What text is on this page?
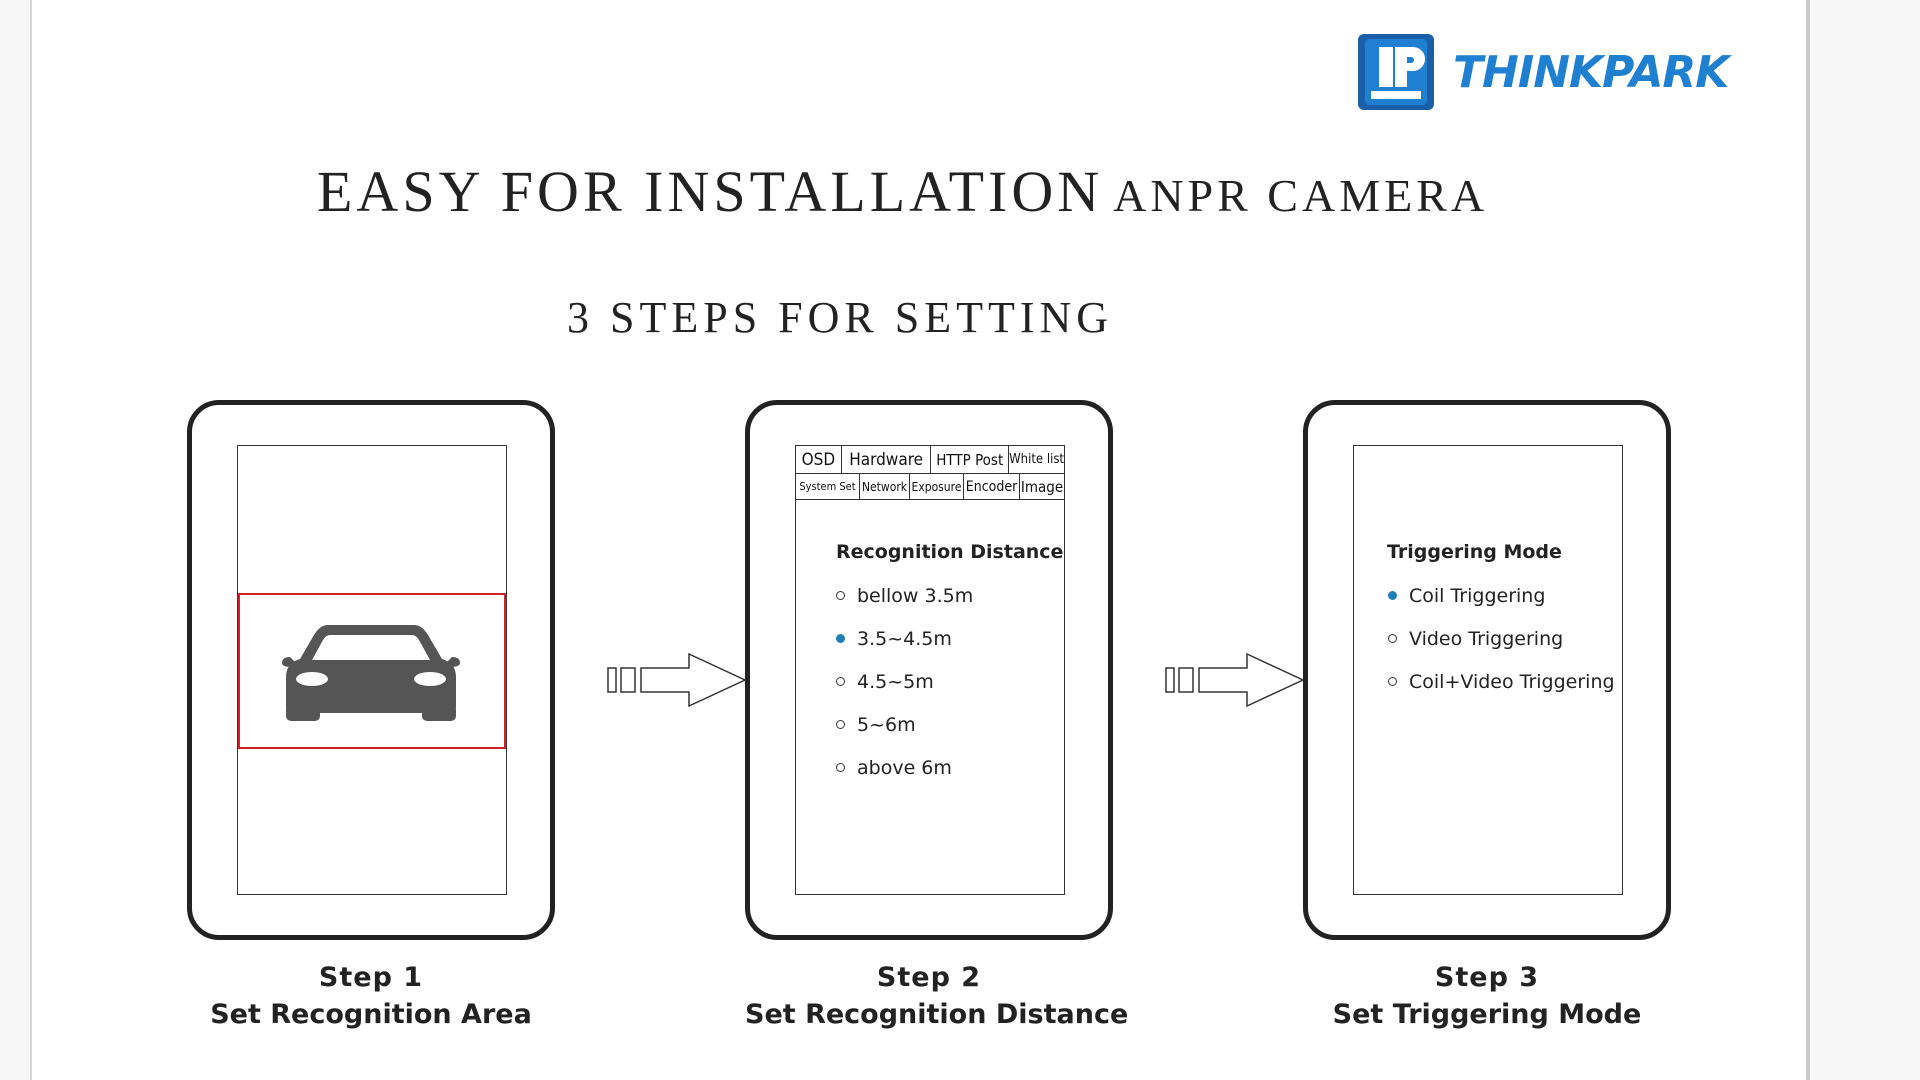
THINKPARK
EASY FOR INSTALLATION ANPR CAMERA
3 STEPS FOR SETTING
Step 1
Set Recognition Area
OSD Hardware HTTP Post White list
System Set Network Exposure Encoder Image
Recognition Distance
bellow 3.5m
3.5~4.5m
4.5~5m
5~6m
above 6m
Step 2
Set Recognition Distance
Triggering Mode
Coil Triggering
Video Triggering
Coil+Video Triggering
Step 3
Set Triggering Mode
